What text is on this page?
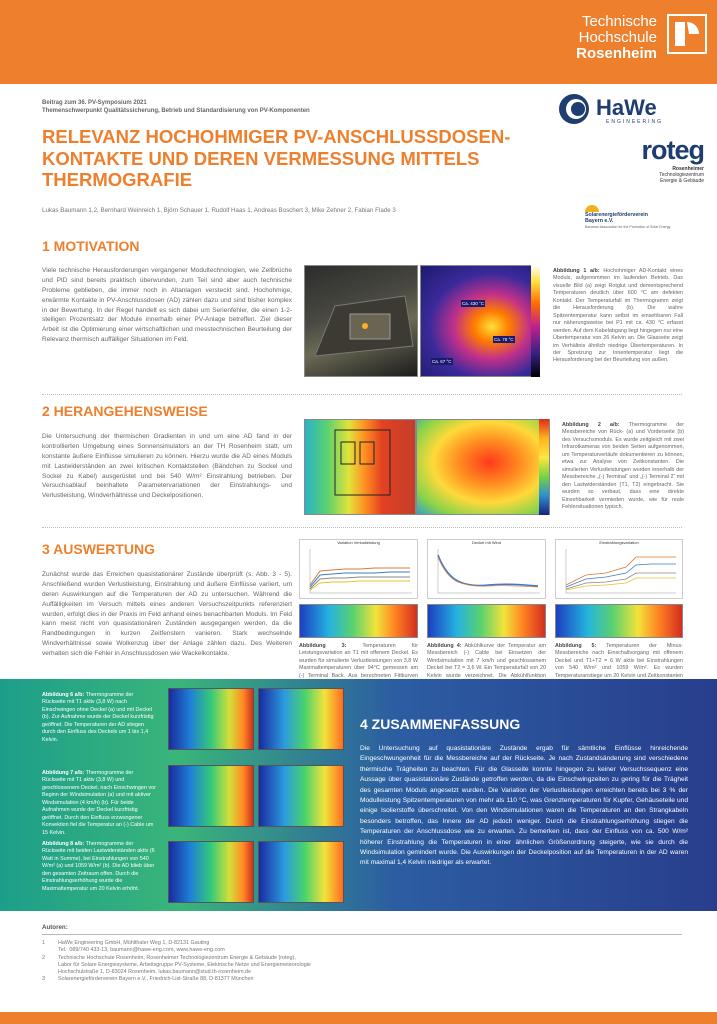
Technische
Hochschule
Rosenheim
Beitrag zum 36. PV-Symposium 2021
Themenschwerpunkt Qualitätssicherung, Betrieb und Standardisierung von PV-Komponenten
RELEVANZ HOCHOHMIGER PV-ANSCHLUSSDOSEN-KONTAKTE UND DEREN VERMESSUNG MITTELS THERMOGRAFIE
Lukas Baumann 1,2, Bernhard Weinreich 1, Björn Schauer 1, Rudolf Haas 1, Andreas Boschert 3, Mike Zehner 2, Fabian Flade 3
HaWe
ENGINEERING
roteg
Rosenheimer
Technologiezentrum
Energie & Gebäude
Solarenergieförderverein
Bayern e.V.
Bavarian Association for the Promotion of Solar Energy
1 MOTIVATION
Viele technische Herausforderungen vergangener Modultechnologien, wie Zellbrüche und PID sind bereits praktisch überwunden, zum Teil sind aber auch technische Probleme geblieben, die immer noch in Altanlagen versteckt sind. Hochohmige, erwärmte Kontakte in PV-Anschlussdosen (AD) zählen dazu und sind bisher komplex in der Bewertung. In der Regel handelt es sich dabei um Serienfehler, die einen 1-2-stelligen Prozentsatz der Module innerhalb einer PV-Anlage betreffen. Ziel dieser Arbeit ist die Optimierung einer wirtschaftlichen und messtechnischen Beurteilung der Relevanz thermisch auffälliger Situationen im Feld.
Ca. 430 °C
Ca. 67 °C
Ca. 78 °C
Abbildung 1 a/b: Hochohmiger AD-Kontakt eines Moduls, aufgenommen im laufenden Betrieb. Das visuelle Bild (a) zeigt Rotglut und dementsprechend Temperaturen deutlich über 600 °C am defekten Kontakt. Der Temperaturfall im Thermogramm zeigt die Herausforderung (b). Die wahre Spitzentemperatur kann selbst im einsehbaren Fall nur näherungsweise bei P1 mit ca. 430 °C erfasst werden. Auf dem Kabelabgang liegt hingegen nur eine Übertemperatur von 26 Kelvin an. Die Glasseite zeigt im Verhältnis ähnlich niedrige Übertemperaturen. In der Spreizung zur Innentemperatur liegt die Herausforderung bei der Beurteilung von außen.
2 HERANGEHENSWEISE
Die Untersuchung der thermischen Gradienten in und um eine AD fand in der kontrollierten Umgebung eines Sonnensimulators an der TH Rosenheim statt, um konstante äußere Einflüsse simulieren zu können. Hierzu wurde die AD eines Moduls mit Lastwiderständen an zwei kritischen Kontaktstellen (Bändchen zu Sockel und Sockel zu Kabel) ausgerüstet und bei 540 W/m² Einstrahlung betrieben. Der Versuchsablauf beinhaltete Parametervariationen der Einstrahlungs- und Verlustleistung, Windverhältnisse und Deckelpositionen.
Abbildung 2 a/b: Thermogramme der Messbereiche von Rück- (a) und Vorderseite (b) des Versuchsmoduls. Es wurde zeitgleich mit zwei Infrarotkameras von beiden Seiten aufgenommen, um Temperaturverläufe dokumentieren zu können, etwa zur Analyse von Zeitkonstanten. Die simulierten Verlustleistungen wurden innerhalb der Messbereiche „(-) Terminal“ und „(-) Terminal 2“ mit den Lastwiderständen (T1, T2) eingebracht. Sie wurden so verbaut, dass eine direkte Einsehbarkeit vermieden wurde, wie für reale Fehlersituationen typisch.
3 AUSWERTUNG
Zunächst wurde das Erreichen quasistationärer Zustände überprüft (s. Abb. 3 - 5). Anschließend wurden Verlustleistung, Einstrahlung und äußere Einflüsse variiert, um deren Auswirkungen auf die Temperaturen der AD zu untersuchen. Während die Auffälligkeiten im Versuch mittels eines anderen Versuchszeitpunkts referenziert wurden, erfolgt dies in der Praxis im Feld anhand eines benachbarten Moduls. Im Feld kann meist nicht von quasistationären Zuständen ausgegangen werden, da die Randbedingungen in kurzen Zeitfenstern variieren. Stark wechselnde Windverhältnisse sowie Wolkenzug über der Anlage zählen dazu. Des Weiteren verhalten sich die Fehler in Anschlussdosen wie Wackelkontakte.
Variation Verlustleistung	Deckel mit Wind	Einstrahlungsvariation
Abbildung 3:	Temperaturen für Leistungsvariation an T1 mit offenem Deckel. Es wurden für simulierte Verlustleistungen von 3,8 W Maximaltemperaturen über 94°C gemessen am (-) Terminal Back. Aus berechneten Fittkurven
Abbildung 4: Abkühlkurve der Temperatur am Messbereich (-) Cable bei Einsetzen der Windsimulation mit 7 km/h und geschlossenem Deckel bei T2 = 3,6 W. Ein Temperaturfall von 20 Kelvin wurde verzeichnet. Die Abkühlfunktion
Abbildung 5: Temperaturen der Minus-Messbereiche nach Einschaltvorgang mit offenem Deckel und T1+T2 = 6 W aktiv bei Einstrahlungen von 540 W/m² und 1059 W/m². Es wurden Temperaturanstiege um 20 Kelvin und Zeitkonstanten
Abbildung 6 a/b: Thermogramme der Rückseite mit T1 aktiv (3,8 W) nach Einschwingen ohne Deckel (a) und mit Deckel (b). Zur Aufnahme wurde der Deckel kurzfristig geöffnet. Die Temperaturen der AD stiegen durch den Einfluss des Deckels um 1 bis 1,4 Kelvin.
Abbildung 7 a/b: Thermogramme der Rückseite mit T1 aktiv (3,8 W) und geschlossenem Deckel, nach Einschwingen vor Beginn der Windsimulation (a) und mit aktiver Windsimulation (4 km/h) (b). Für beide Aufnahmen wurde der Deckel kurzfristig geöffnet. Durch den Einfluss erzwungener Konvektion fiel die Temperatur an (-) Cable um 15 Kelvin.
Abbildung 8 a/b: Thermogramme der Rückseite mit beiden Lastwiderständen aktiv (6 Watt in Summe), bei Einstrahlungen von 540 W/m² (a) und 1059 W/m² (b). Die AD blieb über den gesamten Zeitraum offen. Durch die Einstrahlungserhöhung wurde die Maximaltemperatur um 20 Kelvin erhöht.
4 ZUSAMMENFASSUNG
Die Untersuchung auf quasistationäre Zustände ergab für sämtliche Einflüsse hinreichende Eingeschwungenheit für die Messbereiche auf der Rückseite. Je nach Zustandsänderung sind verschiedene thermische Trägheiten zu beachten. Für die Glasseite konnte hingegen zu keiner Versuchssequenz eine Aussage über quasistationäre Zustände getroffen werden, da die Einschwingzeiten zu gering für die Trägheit des gesamten Moduls angesetzt wurden. Die Variation der Verlustleistungen erreichten bereits bei 3 % der Modulleistung Spitzentemperaturen von mehr als 110 °C, was Grenztemperaturen für Kupfer, Gehäuseteile und einige Isolierstoffe überschreitet. Von den Windsimulationen waren die Temperaturen an den Strangkabeln besonders betroffen, das Innere der AD jedoch weniger. Durch die Einstrahlungserhöhung stiegen die Temperaturen der Anschlussdose wie zu erwarten. Zu bemerken ist, dass der Einfluss von ca. 500 W/m² höherer Einstrahlung die Temperaturen in einer ähnlichen Größenordnung steigerte, wie sie durch die Windsimulation gemindert wurde. Die Auswirkungen der Deckelposition auf die Temperaturen in der AD waren mit maximal 1,4 Kelvin niedriger als erwartet.
Autoren:
1 HaWe Engineering GmbH, Mühlthaler Weg 1, D-82131 Gauting
Tel.: 089/740 433-13, baumann@hawe-eng.com, www.hawe-eng.com
2 Technische Hochschule Rosenheim, Rosenheimer Technologiezentrum Energie & Gebäude (roteg),
Labor für Solare Energiesysteme, Arbeitsgruppe PV-Systeme, Elektrische Netze und Energiemeteorologie
Hochschulstraße 1, D-83024 Rosenheim, lukas.baumann@stud.th-rosenheim.de
3 Solarenergieförderverein Bayern e.V., Friedrich-List-Straße 88, D-81377 München
